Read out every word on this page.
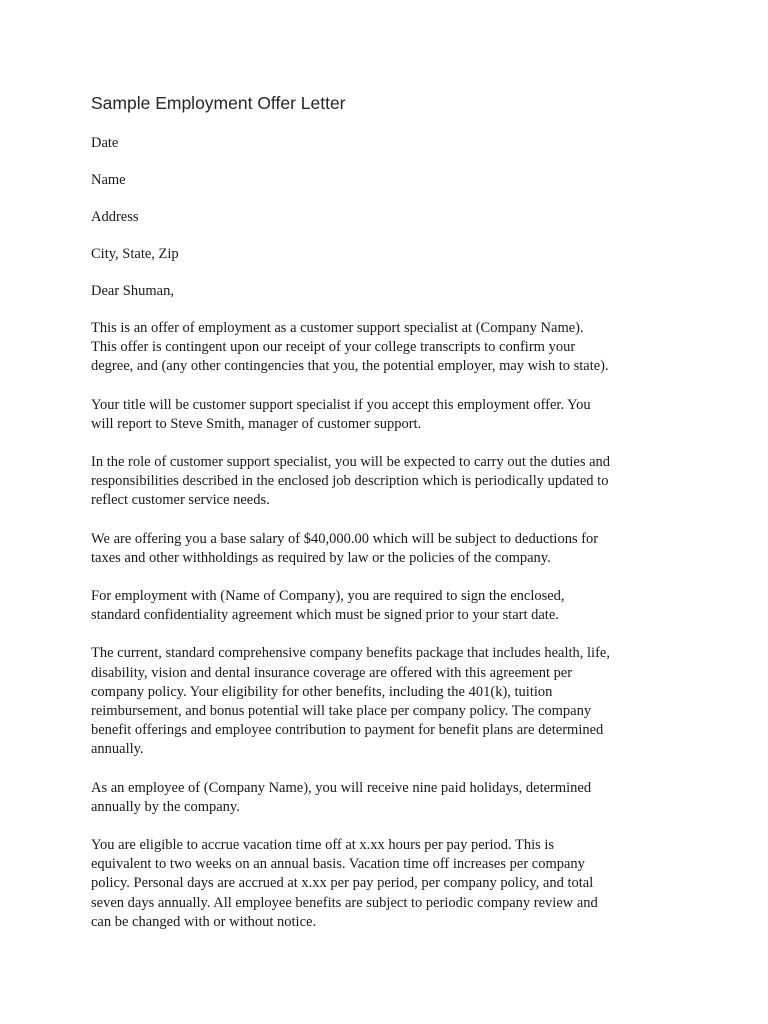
Sample Employment Offer Letter
Date
Name
Address
City, State, Zip
Dear Shuman,
This is an offer of employment as a customer support specialist at (Company Name).
This offer is contingent upon our receipt of your college transcripts to confirm your
degree, and (any other contingencies that you, the potential employer, may wish to state).
Your title will be customer support specialist if you accept this employment offer. You
will report to Steve Smith, manager of customer support.
In the role of customer support specialist, you will be expected to carry out the duties and
responsibilities described in the enclosed job description which is periodically updated to
reflect customer service needs.
We are offering you a base salary of $40,000.00 which will be subject to deductions for
taxes and other withholdings as required by law or the policies of the company.
For employment with (Name of Company), you are required to sign the enclosed,
standard confidentiality agreement which must be signed prior to your start date.
The current, standard comprehensive company benefits package that includes health, life,
disability, vision and dental insurance coverage are offered with this agreement per
company policy. Your eligibility for other benefits, including the 401(k), tuition
reimbursement, and bonus potential will take place per company policy. The company
benefit offerings and employee contribution to payment for benefit plans are determined
annually.
As an employee of (Company Name), you will receive nine paid holidays, determined
annually by the company.
You are eligible to accrue vacation time off at x.xx hours per pay period. This is
equivalent to two weeks on an annual basis. Vacation time off increases per company
policy. Personal days are accrued at x.xx per pay period, per company policy, and total
seven days annually. All employee benefits are subject to periodic company review and
can be changed with or without notice.
